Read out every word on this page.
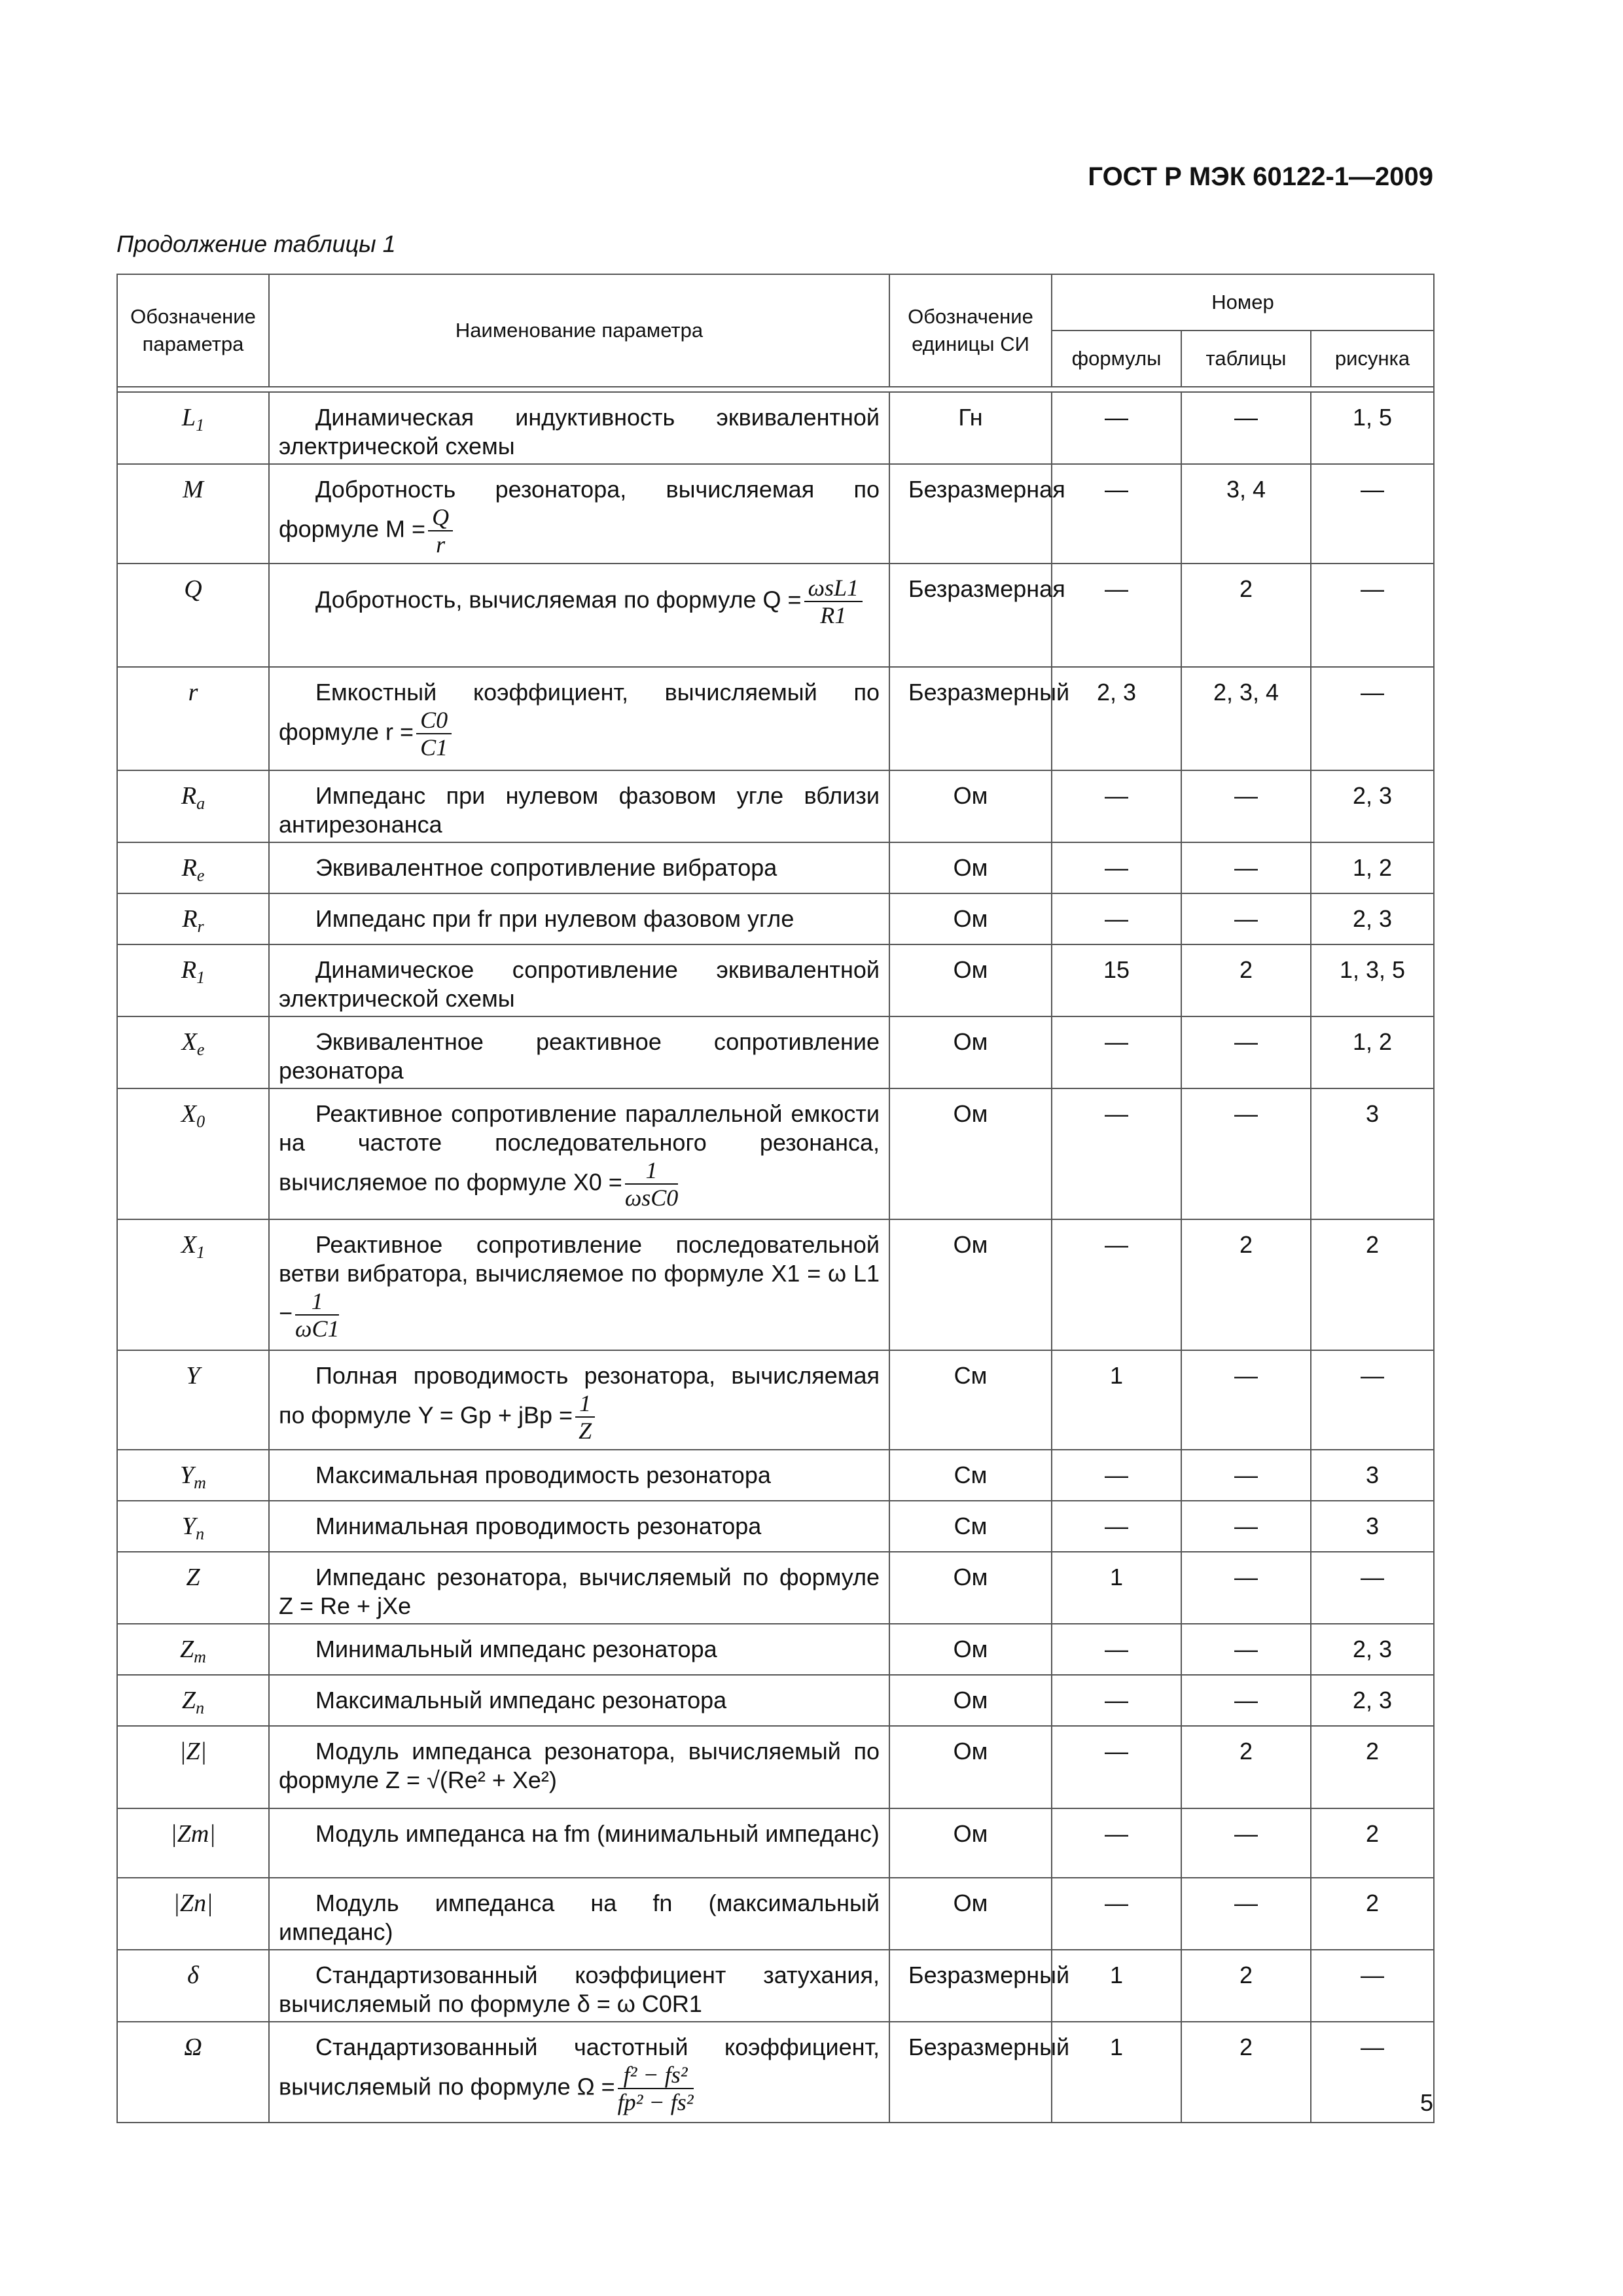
ГОСТ Р МЭК 60122-1—2009
Продолжение таблицы 1
Обозначение параметра	Наименование параметра	Обозначение единицы СИ	Номер		
			формулы	таблицы	рисунка

$L_1$	Динамическая индуктивность эквивалентной электрической схемы	Гн	—	—	1, 5
M	Добротность резонатора, вычисляемая по формуле $M = \frac{Q}{r}$	Безразмерная	—	3, 4	—
Q	Добротность, вычисляемая по формуле $Q = \frac{\text{ωsL1}}{R1}$	Безразмерная	—	2	—
r	Емкостный коэффициент, вычисляемый по формуле $r = \frac{C0}{C1}$	Безразмерный	2, 3	2, 3, 4	—
$R_a$	Импеданс при нулевом фазовом угле вблизи антирезонанса	Ом	—	—	2, 3
$R_e$	Эквивалентное сопротивление вибратора	Ом	—	—	1, 2
$R_r$	Импеданс при fr при нулевом фазовом угле	Ом	—	—	2, 3
$R_1$	Динамическое сопротивление эквивалентной электрической схемы	Ом	15	2	1, 3, 5
$X_e$	Эквивалентное реактивное сопротивление резонатора	Ом	—	—	1, 2
$X_0$	Реактивное сопротивление параллельной емкости на частоте последовательного резонанса, вычисляемое по формуле $X0 = \frac{1}{\text{ωsC0}}$	Ом	—	—	3
$X_1$	Реактивное сопротивление последовательной ветви вибратора, вычисляемое по формуле X1 = ω $L1 - \frac{1}{\omega C1}$	Ом	—	2	2
Y	Полная проводимость резонатора, вычисляемая по формуле Y = Gp + jBp = $\frac{1}{Z}$	См	1	—	—
$Y_m$	Максимальная проводимость резонатора	См	—	—	3
$Y_n$	Минимальная проводимость резонатора	См	—	—	3
Z	Импеданс резонатора, вычисляемый по формуле Z = Re + jXe	Ом	1	—	—
$Z_m$	Минимальный импеданс резонатора	Ом	—	—	2, 3
$Z_n$	Максимальный импеданс резонатора	Ом	—	—	2, 3
|Z|	Модуль импеданса резонатора, вычисляемый по формуле Z = √(Re² + Xe²)	Ом	—	2	2
|Zm|	Модуль импеданса на fm (минимальный импеданс)	Ом	—	—	2
|Zn|	Модуль импеданса на fn (максимальный импеданс)	Ом	—	—	2
δ	Стандартизованный коэффициент затухания, вычисляемый по формуле δ = ω C0R1	Безразмерный	1	2	—
Ω	Стандартизованный частотный коэффициент, вычисляемый по формуле $\Omega = \frac{\text{f² − fs²}}{\text{fp² − fs²}}$	Безразмерный	1	2	—
5
